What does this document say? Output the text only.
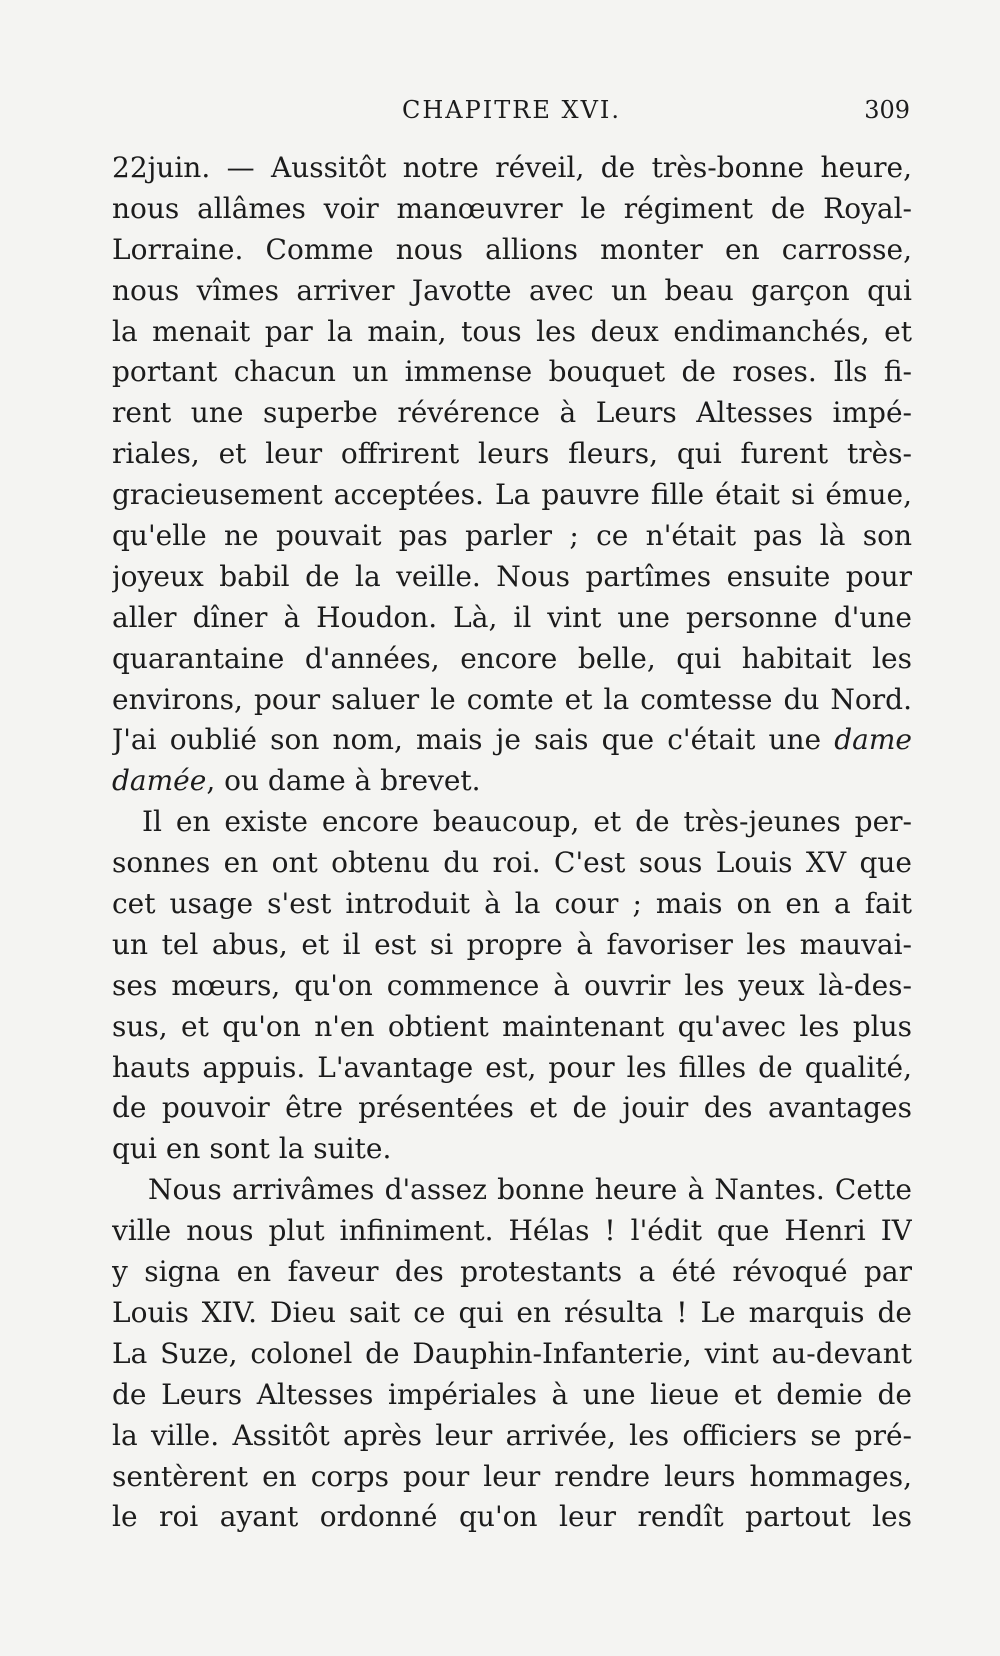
CHAPITRE XVI.	309
22juin. — Aussitôt notre réveil, de très-bonne heure,
nous allâmes voir manœuvrer le régiment de Royal-
Lorraine. Comme nous allions monter en carrosse,
nous vîmes arriver Javotte avec un beau garçon qui
la menait par la main, tous les deux endimanchés, et
portant chacun un immense bouquet de roses. Ils fi-
rent une superbe révérence à Leurs Altesses impé-
riales, et leur offrirent leurs fleurs, qui furent très-
gracieusement acceptées. La pauvre fille était si émue,
qu'elle ne pouvait pas parler ; ce n'était pas là son
joyeux babil de la veille. Nous partîmes ensuite pour
aller dîner à Houdon. Là, il vint une personne d'une
quarantaine d'années, encore belle, qui habitait les
environs, pour saluer le comte et la comtesse du Nord.
J'ai oublié son nom, mais je sais que c'était une dame
damée, ou dame à brevet.
Il en existe encore beaucoup, et de très-jeunes per-
sonnes en ont obtenu du roi. C'est sous Louis XV que
cet usage s'est introduit à la cour ; mais on en a fait
un tel abus, et il est si propre à favoriser les mauvai-
ses mœurs, qu'on commence à ouvrir les yeux là-des-
sus, et qu'on n'en obtient maintenant qu'avec les plus
hauts appuis. L'avantage est, pour les filles de qualité,
de pouvoir être présentées et de jouir des avantages
qui en sont la suite.
Nous arrivâmes d'assez bonne heure à Nantes. Cette
ville nous plut infiniment. Hélas ! l'édit que Henri IV
y signa en faveur des protestants a été révoqué par
Louis XIV. Dieu sait ce qui en résulta ! Le marquis de
La Suze, colonel de Dauphin-Infanterie, vint au-devant
de Leurs Altesses impériales à une lieue et demie de
la ville. Assitôt après leur arrivée, les officiers se pré-
sentèrent en corps pour leur rendre leurs hommages,
le roi ayant ordonné qu'on leur rendît partout les
